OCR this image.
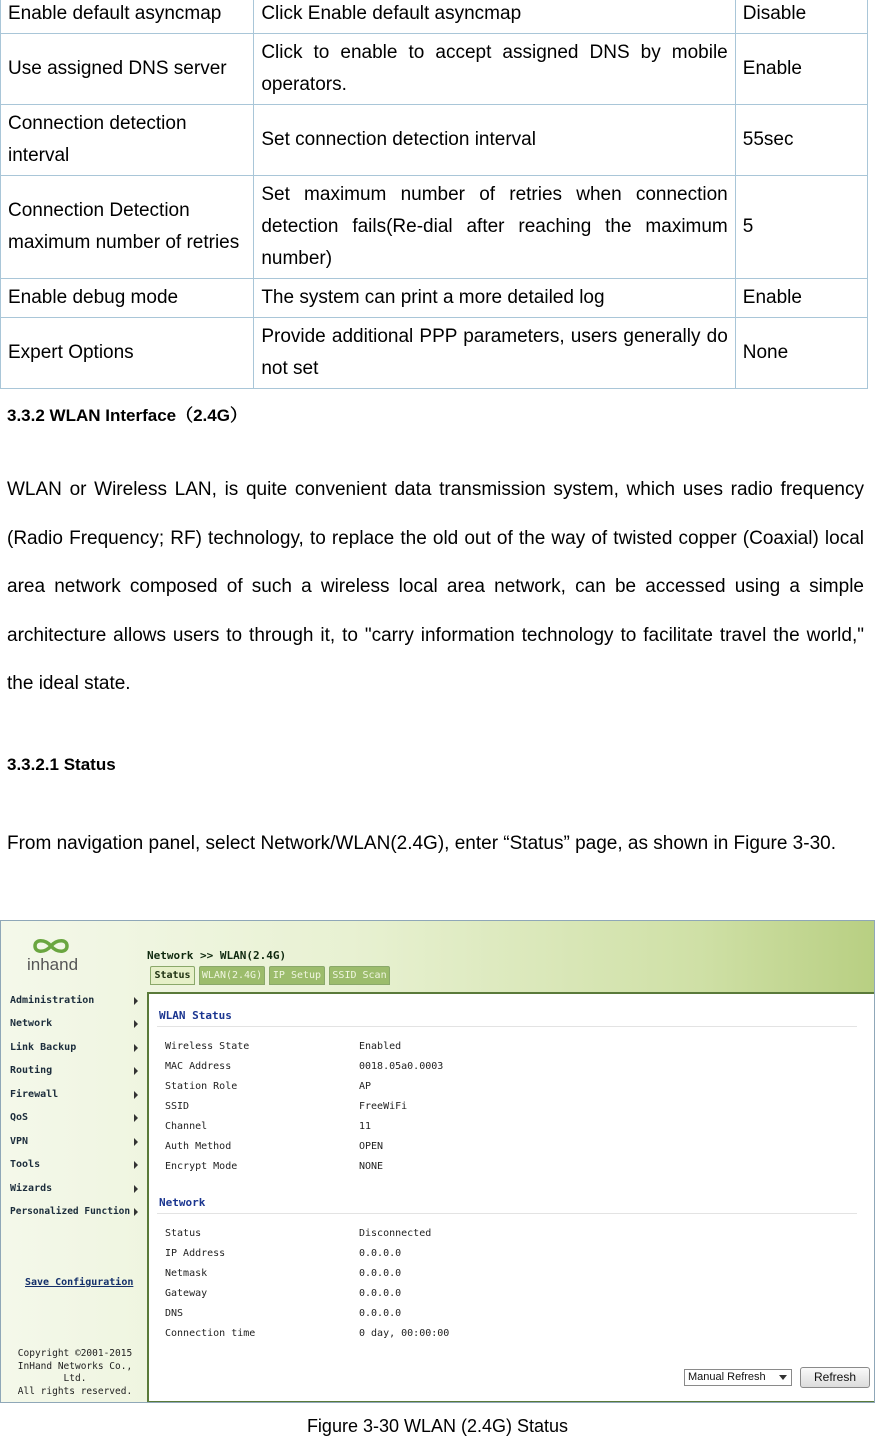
Enable default asyncmap	Click Enable default asyncmap	Disable
Use assigned DNS server	Click to enable to accept assigned DNS by mobile operators.	Enable
Connection detection interval	Set connection detection interval	55sec
Connection Detection maximum number of retries	Set maximum number of retries when connection detection fails(Re-dial after reaching the maximum number)	5
Enable debug mode	The system can print a more detailed log	Enable
Expert Options	Provide additional PPP parameters, users generally do not set	None
3.3.2 WLAN Interface（2.4G）
WLAN or Wireless LAN, is quite convenient data transmission system, which uses radio frequency (Radio Frequency; RF) technology, to replace the old out of the way of twisted copper (Coaxial) local area network composed of such a wireless local area network, can be accessed using a simple architecture allows users to through it, to "carry information technology to facilitate travel the world," the ideal state.
3.3.2.1 Status
From navigation panel, select Network/WLAN(2.4G), enter “Status” page, as shown in Figure 3-30.
inhand	Network >> WLAN(2.4G)
Status	WLAN(2.4G)	IP Setup	SSID Scan
Administration
Network
Link Backup
Routing
Firewall
QoS
VPN
Tools
Wizards
Personalized Function
Save Configuration
Copyright ©2001-2015
InHand Networks Co., Ltd.
All rights reserved.
WLAN Status
Wireless State	Enabled
MAC Address	0018.05a0.0003
Station Role	AP
SSID	FreeWiFi
Channel	11
Auth Method	OPEN
Encrypt Mode	NONE
Network
Status	Disconnected
IP Address	0.0.0.0
Netmask	0.0.0.0
Gateway	0.0.0.0
DNS	0.0.0.0
Connection time	0 day, 00:00:00
Manual Refresh	Refresh
Figure 3-30 WLAN (2.4G) Status
